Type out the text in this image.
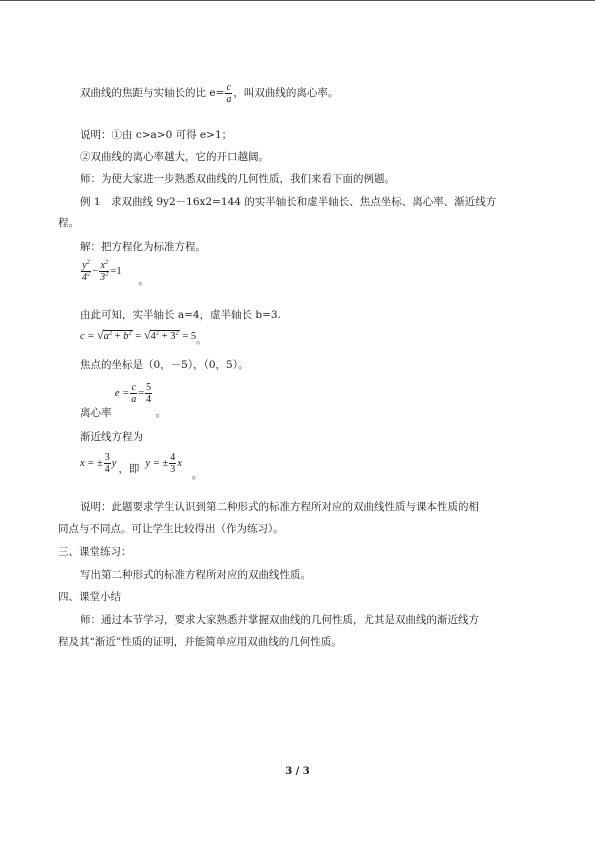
双曲线的焦距与实轴长的比 $e= \frac{c}{a}$ ，叫双曲线的离心率。
说明：①由 c>a>0 可得 e>1；
②双曲线的离心率越大，它的开口越阔。
师：为使大家进一步熟悉双曲线的几何性质，我们来看下面的例题。
例 1　求双曲线 9y2－16x2=144 的实半轴长和虚半轴长、焦点坐标、离心率、渐近线方
程。
解：把方程化为标准方程。
$\frac{y^2}{4^2} - \frac{x^2}{3^2} =1$ 。
由此可知，实半轴长 a=4，虚半轴长 b=3.
$c = √a^2 + b^2 = √4^2 + 3^2 = 5$。
焦点的坐标是（0，－5），（0，5）。
离心率 $e = \frac{c}{a} = \frac{5}{4}$
。
渐近线方程为
x = ± $\frac{3}{4}$ y ，即 y = ± $\frac{4}{3}$ x。
说明：此题要求学生认识到第二种形式的标准方程所对应的双曲线性质与课本性质的相
同点与不同点。可让学生比较得出（作为练习）。
三、课堂练习：
写出第二种形式的标准方程所对应的双曲线性质。
四、课堂小结
师：通过本节学习，要求大家熟悉并掌握双曲线的几何性质，尤其是双曲线的渐近线方
程及其“渐近”性质的证明，并能简单应用双曲线的几何性质。
3 / 3
